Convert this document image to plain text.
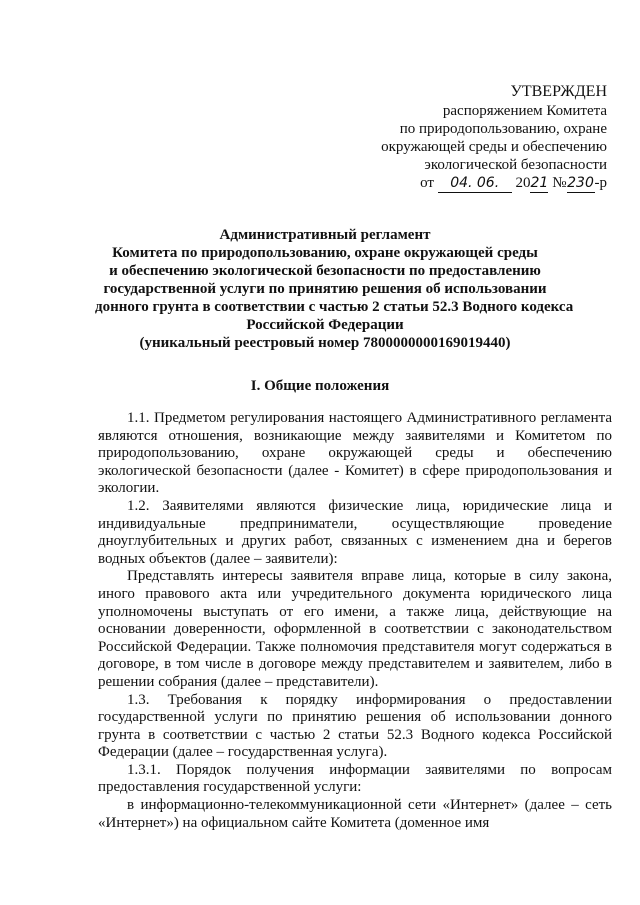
УТВЕРЖДЕН
распоряжением Комитета
по природопользованию, охране
окружающей среды и обеспечению
экологической безопасности
от 04. 06. 2021 №230-р
Административный регламент
Комитета по природопользованию, охране окружающей среды
и обеспечению экологической безопасности по предоставлению
государственной услуги по принятию решения об использовании
донного грунта в соответствии с частью 2 статьи 52.3 Водного кодекса
Российской Федерации
(уникальный реестровый номер 7800000000169019440)
I. Общие положения

1.1. Предметом регулирования настоящего Административного регламента являются отношения, возникающие между заявителями и Комитетом по природопользованию, охране окружающей среды и обеспечению экологической безопасности (далее - Комитет) в сфере природопользования и экологии.

1.2. Заявителями являются физические лица, юридические лица и индивидуальные предприниматели, осуществляющие проведение дноуглубительных и других работ, связанных с изменением дна и берегов водных объектов (далее – заявители):

Представлять интересы заявителя вправе лица, которые в силу закона, иного правового акта или учредительного документа юридического лица уполномочены выступать от его имени, а также лица, действующие на основании доверенности, оформленной в соответствии с законодательством Российской Федерации. Также полномочия представителя могут содержаться в договоре, в том числе в договоре между представителем и заявителем, либо в решении собрания (далее – представители).

1.3. Требования к порядку информирования о предоставлении государственной услуги по принятию решения об использовании донного грунта в соответствии с частью 2 статьи 52.3 Водного кодекса Российской Федерации (далее – государственная услуга).

1.3.1. Порядок получения информации заявителями по вопросам предоставления государственной услуги:

в информационно-телекоммуникационной сети «Интернет» (далее – сеть «Интернет») на официальном сайте Комитета (доменное имя
